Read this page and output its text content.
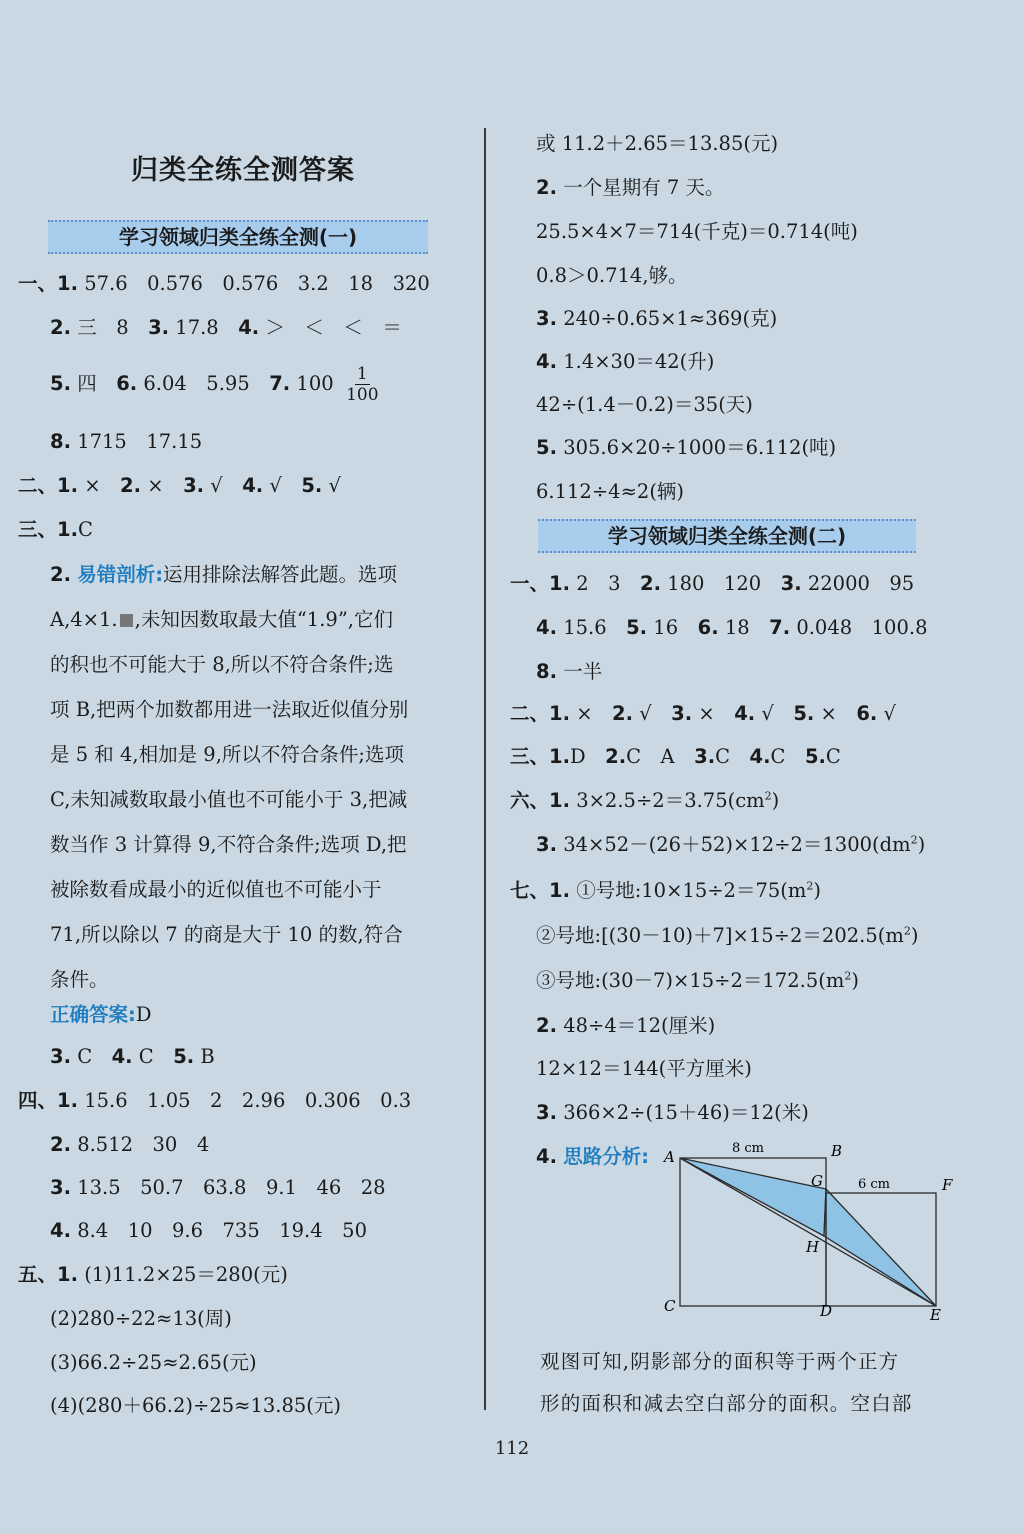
归类全练全测答案
学习领域归类全练全测(一)
一、1. 57.6　0.576　0.576　3.2　18　320
2. 三　8　3. 17.8　4. ＞　＜　＜　＝
5. 四　6. 6.04　5.95　7. $100 \frac{1}{100}$
8. 1715　17.15
二、1. ×　2. ×　3. √　4. √　5. √
三、1.C
2. 易错剖析:运用排除法解答此题。选项
A,4×1. ,未知因数取最大值“1.9”,它们
的积也不可能大于 8,所以不符合条件;选
项 B,把两个加数都用进一法取近似值分别
是 5 和 4,相加是 9,所以不符合条件;选项
C,未知减数取最小值也不可能小于 3,把减
数当作 3 计算得 9,不符合条件;选项 D,把
被除数看成最小的近似值也不可能小于
71,所以除以 7 的商是大于 10 的数,符合
条件。
正确答案:D
3. C　4. C　5. B
四、1. 15.6　1.05　2　2.96　0.306　0.3
2. 8.512　30　4
3. 13.5　50.7　63.8　9.1　46　28
4. 8.4　10　9.6　735　19.4　50
五、1. (1)11.2×25＝280(元)
(2)280÷22≈13(周)
(3)66.2÷25≈2.65(元)
(4)(280＋66.2)÷25≈13.85(元)
或 11.2＋2.65＝13.85(元)
2. 一个星期有 7 天。
25.5×4×7＝714(千克)＝0.714(吨)
0.8＞0.714,够。
3. 240÷0.65×1≈369(克)
4. 1.4×30＝42(升)
42÷(1.4－0.2)＝35(天)
5. 305.6×20÷1000＝6.112(吨)
6.112÷4≈2(辆)
学习领域归类全练全测(二)
一、1. 2　3　2. 180　120　3. 22000　95
4. 15.6　5. 16　6. 18　7. 0.048　100.8
8. 一半
二、1. ×　2. √　3. ×　4. √　5. ×　6. √
三、1.D　2.C　A　3.C　4.C　5.C
六、1. $3\times 2.5\div 2=3.75(cm^2)$
3. $34\times 52-(26+52)\times 12\div 2=1300(dm^2)$
七、1. ①号地$:10\times 15\div 2=75(m^2)$
②号地$:[(30-10)+7]\times 15\div 2=202.5(m^2)$
③号地$:(30-7)\times 15\div 2=172.5(m^2)$
2. 48÷4＝12(厘米)
12×12＝144(平方厘米)
3. 366×2÷(15＋46)＝12(米)
4. 思路分析:
观图可知,阴影部分的面积等于两个正方
形的面积和减去空白部分的面积。空白部
A	B
G	F
H
C	D	E
8 cm
6 cm
112
